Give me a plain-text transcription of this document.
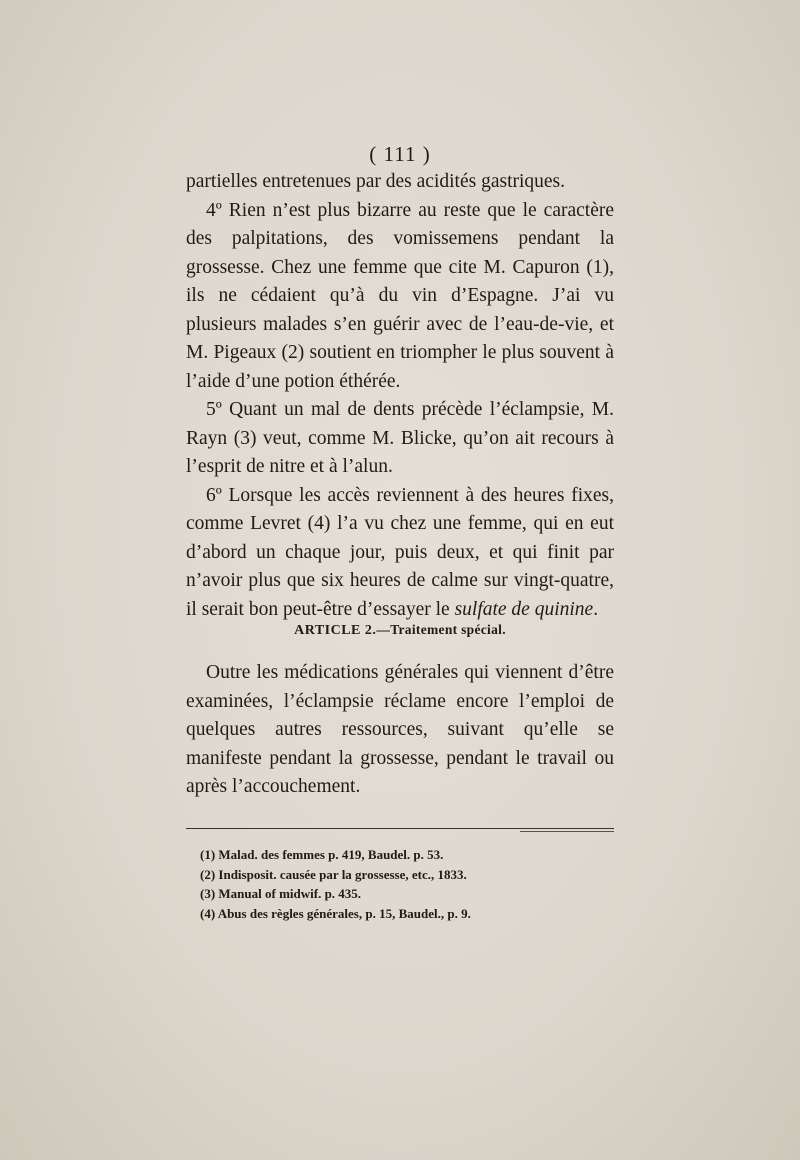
( 111 )

partielles entretenues par des acidités gastriques.

4º Rien n’est plus bizarre au reste que le caractère des palpitations, des vomissemens pendant la grossesse. Chez une femme que cite M. Capuron (1), ils ne cédaient qu’à du vin d’Espagne. J’ai vu plusieurs malades s’en guérir avec de l’eau-de-vie, et M. Pigeaux (2) soutient en triompher le plus souvent à l’aide d’une potion éthérée.

5º Quant un mal de dents précède l’éclampsie, M. Rayn (3) veut, comme M. Blicke, qu’on ait recours à l’esprit de nitre et à l’alun.

6º Lorsque les accès reviennent à des heures fixes, comme Levret (4) l’a vu chez une femme, qui en eut d’abord un chaque jour, puis deux, et qui finit par n’avoir plus que six heures de calme sur vingt-quatre, il serait bon peut-être d’essayer le sulfate de quinine.

ARTICLE 2.—Traitement spécial.

Outre les médications générales qui viennent d’être examinées, l’éclampsie réclame encore l’emploi de quelques autres ressources, suivant qu’elle se manifeste pendant la grossesse, pendant le travail ou après l’accouchement.

(1) Malad. des femmes p. 419, Baudel. p. 53.
(2) Indisposit. causée par la grossesse, etc., 1833.
(3) Manual of midwif. p. 435.
(4) Abus des règles générales, p. 15, Baudel., p. 9.
